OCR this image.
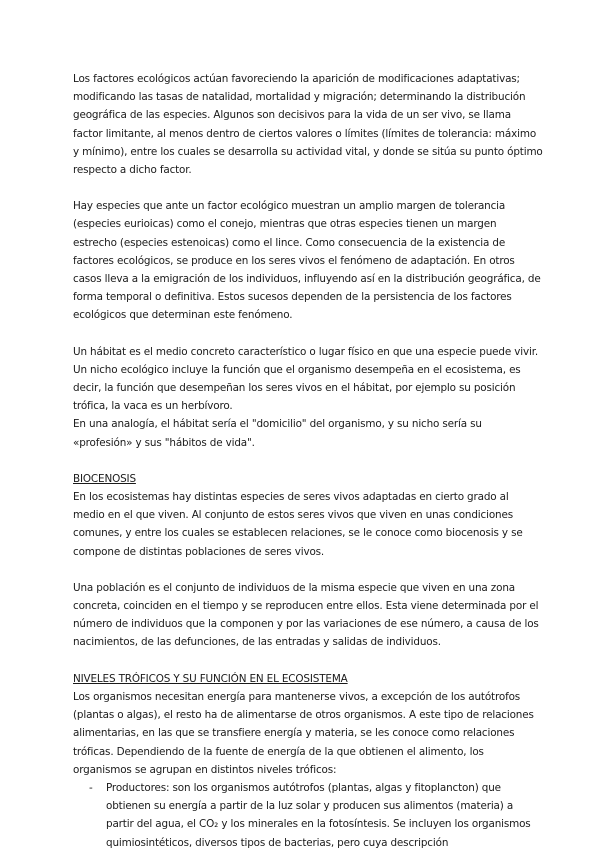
Los factores ecológicos actúan favoreciendo la aparición de modificaciones adaptativas; modificando las tasas de natalidad, mortalidad y migración; determinando la distribución geográfica de las especies. Algunos son decisivos para la vida de un ser vivo, se llama factor limitante, al menos dentro de ciertos valores o límites (límites de tolerancia: máximo y mínimo), entre los cuales se desarrolla su actividad vital, y donde se sitúa su punto óptimo respecto a dicho factor.

Hay especies que ante un factor ecológico muestran un amplio margen de tolerancia (especies eurioicas) como el conejo, mientras que otras especies tienen un margen estrecho (especies estenoicas) como el lince. Como consecuencia de la existencia de factores ecológicos, se produce en los seres vivos el fenómeno de adaptación. En otros casos lleva a la emigración de los individuos, influyendo así en la distribución geográfica, de forma temporal o definitiva. Estos sucesos dependen de la persistencia de los factores ecológicos que determinan este fenómeno.

Un hábitat es el medio concreto característico o lugar físico en que una especie puede vivir. Un nicho ecológico incluye la función que el organismo desempeña en el ecosistema, es decir, la función que desempeñan los seres vivos en el hábitat, por ejemplo su posición trófica, la vaca es un herbívoro.

En una analogía, el hábitat sería el "domicilio" del organismo, y su nicho sería su «profesión» y sus "hábitos de vida".

BIOCENOSIS

En los ecosistemas hay distintas especies de seres vivos adaptadas en cierto grado al medio en el que viven. Al conjunto de estos seres vivos que viven en unas condiciones comunes, y entre los cuales se establecen relaciones, se le conoce como biocenosis y se compone de distintas poblaciones de seres vivos.

Una población es el conjunto de individuos de la misma especie que viven en una zona concreta, coinciden en el tiempo y se reproducen entre ellos. Esta viene determinada por el número de individuos que la componen y por las variaciones de ese número, a causa de los nacimientos, de las defunciones, de las entradas y salidas de individuos.

NIVELES TRÓFICOS Y SU FUNCIÓN EN EL ECOSISTEMA

Los organismos necesitan energía para mantenerse vivos, a excepción de los autótrofos (plantas o algas), el resto ha de alimentarse de otros organismos. A este tipo de relaciones alimentarias, en las que se transfiere energía y materia, se les conoce como relaciones tróficas. Dependiendo de la fuente de energía de la que obtienen el alimento, los organismos se agrupan en distintos niveles tróficos:

- Productores: son los organismos autótrofos (plantas, algas y fitoplancton) que obtienen su energía a partir de la luz solar y producen sus alimentos (materia) a partir del agua, el CO₂ y los minerales en la fotosíntesis. Se incluyen los organismos quimiosintéticos, diversos tipos de bacterias, pero cuya descripción
